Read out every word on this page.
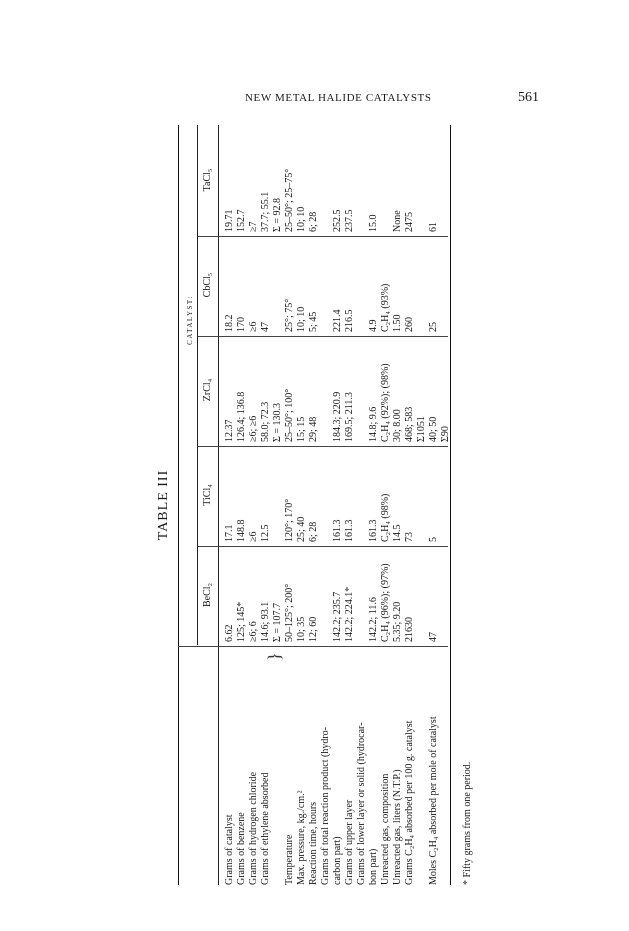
NEW METAL HALIDE CATALYSTS	561
TABLE III
CATALYST:
BeCl₂
TiCl₄
ZrCl₄
CbCl₅
TaCl₅
}
Grams of catalyst
6.62
17.1
12.37
18.2
19.71
Grams of benzene
125; 145*
148.8
126.4; 136.8
170
152.7
Grams of hydrogen chloride
≥6; 6
≥6
≥6; ≥6
≥6
≥7
Grams of ethylene absorbed
14.6; 93.1
12.5
58.0; 72.3
47
37.7; 55.1
Σ = 107.7
Σ = 130.3
Σ = 92.8
Temperature
50–125°; 200°
120°; 170°
25–50°; 100°
25°; 75°
25–50°; 25–75°
Max. pressure, kg./cm.²
10; 35
25; 40
15; 15
10; 10
10; 10
Reaction time, hours
12; 60
6; 28
29; 48
5; 45
6; 28
Grams of total reaction product (hydro- carbon part)
142.2; 235.7
161.3
184.3; 220.9
221.4
252.5
Grams of upper layer
142.2; 224.1*
161.3
169.5; 211.3
216.5
237.5
Grams of lower layer or solid (hydrocar- bon part)
142.2; 11.6
161.3
14.8; 9.6
4.9
15.0
Unreacted gas, composition
C₂H₄ (96%); (97%)
C₂H₄ (98%)
C₂H₄ (92%); (98%)
C₂H₄ (93%)
Unreacted gas, liters (N.T.P.)
5.35; 9.20
14.5
30; 8.00
1.50
None
Grams C₂H₄ absorbed per 100 g. catalyst
21630
73
468; 583
260
2475
Σ1051
Moles C₂H₄ absorbed per mole of catalyst
47
5
40; 50
25
61
Σ90
* Fifty grams from one period.
